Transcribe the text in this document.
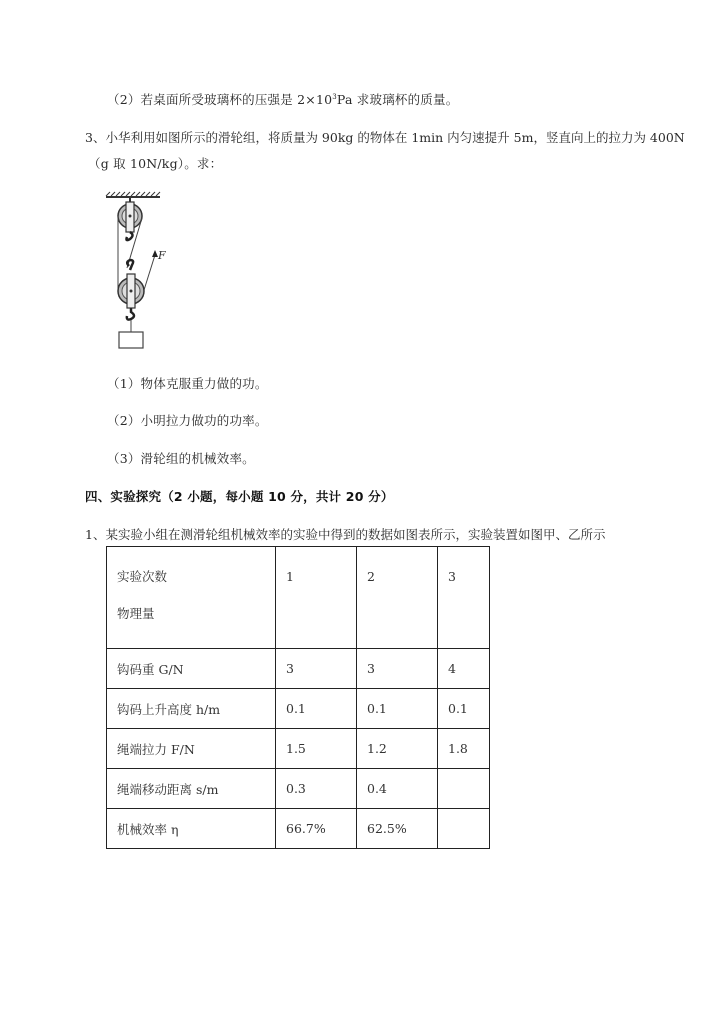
（2）若桌面所受玻璃杯的压强是 $2\times 10^3Pa$ 求玻璃杯的质量。
3、小华利用如图所示的滑轮组，将质量为 90kg 的物体在 1min 内匀速提升 5m，竖直向上的拉力为 400N
（g 取 10N/kg）。求：
F
（1）物体克服重力做的功。
（2）小明拉力做功的功率。
（3）滑轮组的机械效率。
四、实验探究（2 小题，每小题 10 分，共计 20 分）
1、某实验小组在测滑轮组机械效率的实验中得到的数据如图表所示，实验装置如图甲、乙所示
实验次数
物理量	1	2	3
钩码重 G/N	3	3	4
钩码上升高度 h/m	0.1	0.1	0.1
绳端拉力 F/N	1.5	1.2	1.8
绳端移动距离 s/m	0.3	0.4	
机械效率 η	66.7%	62.5%	
